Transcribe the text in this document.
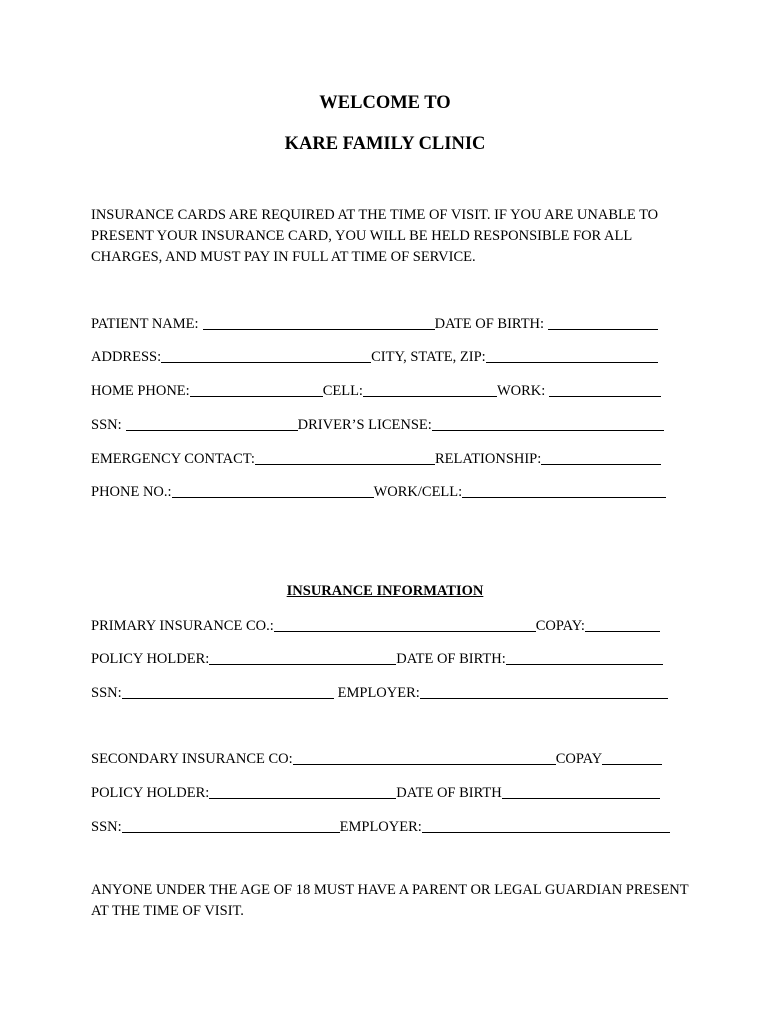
WELCOME TO
KARE FAMILY CLINIC

INSURANCE CARDS ARE REQUIRED AT THE TIME OF VISIT. IF YOU ARE UNABLE TO PRESENT YOUR INSURANCE CARD, YOU WILL BE HELD RESPONSIBLE FOR ALL CHARGES, AND MUST PAY IN FULL AT TIME OF SERVICE.

PATIENT NAME:	DATE OF BIRTH:
ADDRESS:	CITY, STATE, ZIP:
HOME PHONE:	CELL:	WORK:
SSN:	DRIVER’S LICENSE:
EMERGENCY CONTACT:	RELATIONSHIP:
PHONE NO.:	WORK/CELL:
INSURANCE INFORMATION
PRIMARY INSURANCE CO.:	COPAY:
POLICY HOLDER:	DATE OF BIRTH:
SSN:	EMPLOYER:
SECONDARY INSURANCE CO:	COPAY
POLICY HOLDER:	DATE OF BIRTH
SSN:	EMPLOYER:

ANYONE UNDER THE AGE OF 18 MUST HAVE A PARENT OR LEGAL GUARDIAN PRESENT AT THE TIME OF VISIT.
